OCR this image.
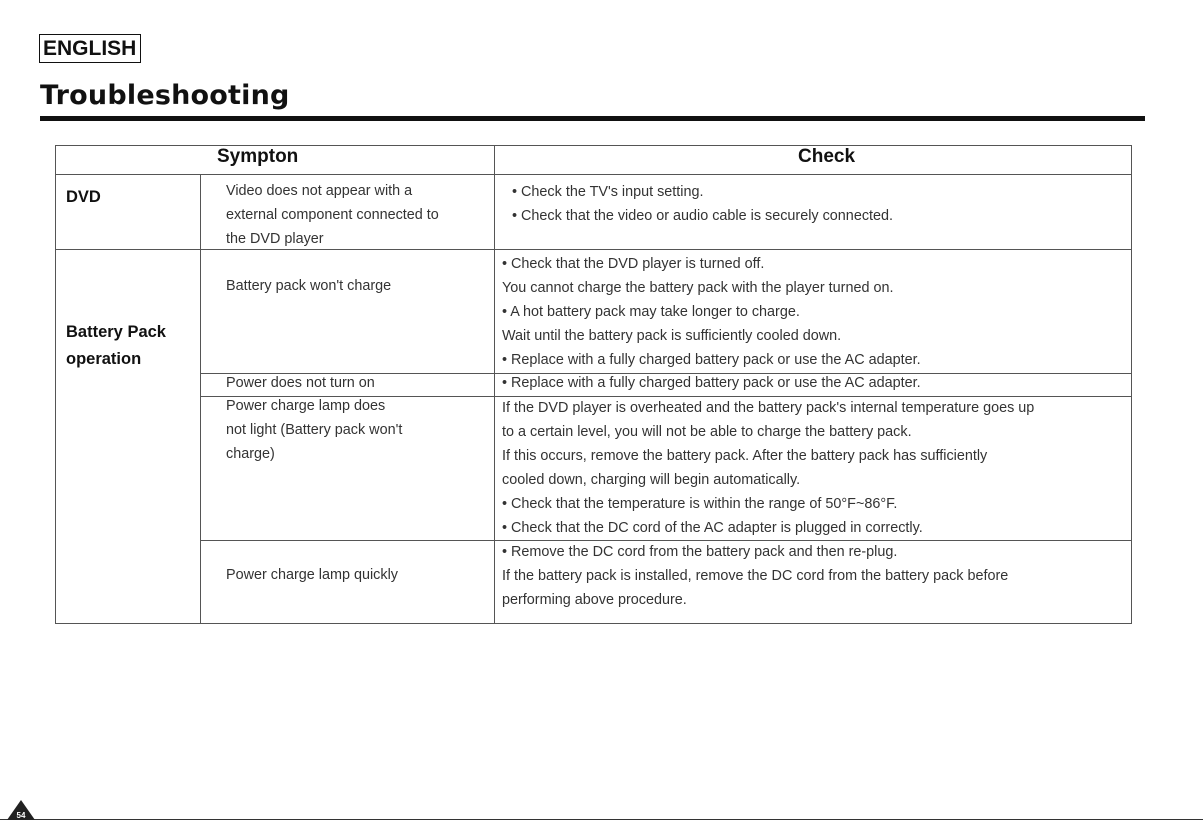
ENGLISH
Troubleshooting
Sympton	Check
DVD
Battery Pack
operation
Video does not appear with a
external component connected to
the DVD player
• Check the TV's input setting.
• Check that the video or audio cable is securely connected.
Battery pack won't charge
• Check that the DVD player is turned off.
You cannot charge the battery pack with the player turned on.
• A hot battery pack may take longer to charge.
Wait until the battery pack is sufficiently cooled down.
• Replace with a fully charged battery pack or use the AC adapter.
Power does not turn on	• Replace with a fully charged battery pack or use the AC adapter.
Power charge lamp does
not light (Battery pack won't
charge)
If the DVD player is overheated and the battery pack's internal temperature goes up
to a certain level, you will not be able to charge the battery pack.
If this occurs, remove the battery pack. After the battery pack has sufficiently
cooled down, charging will begin automatically.
• Check that the temperature is within the range of 50°F~86°F.
• Check that the DC cord of the AC adapter is plugged in correctly.
Power charge lamp quickly
• Remove the DC cord from the battery pack and then re-plug.
If the battery pack is installed, remove the DC cord from the battery pack before
performing above procedure.
54
